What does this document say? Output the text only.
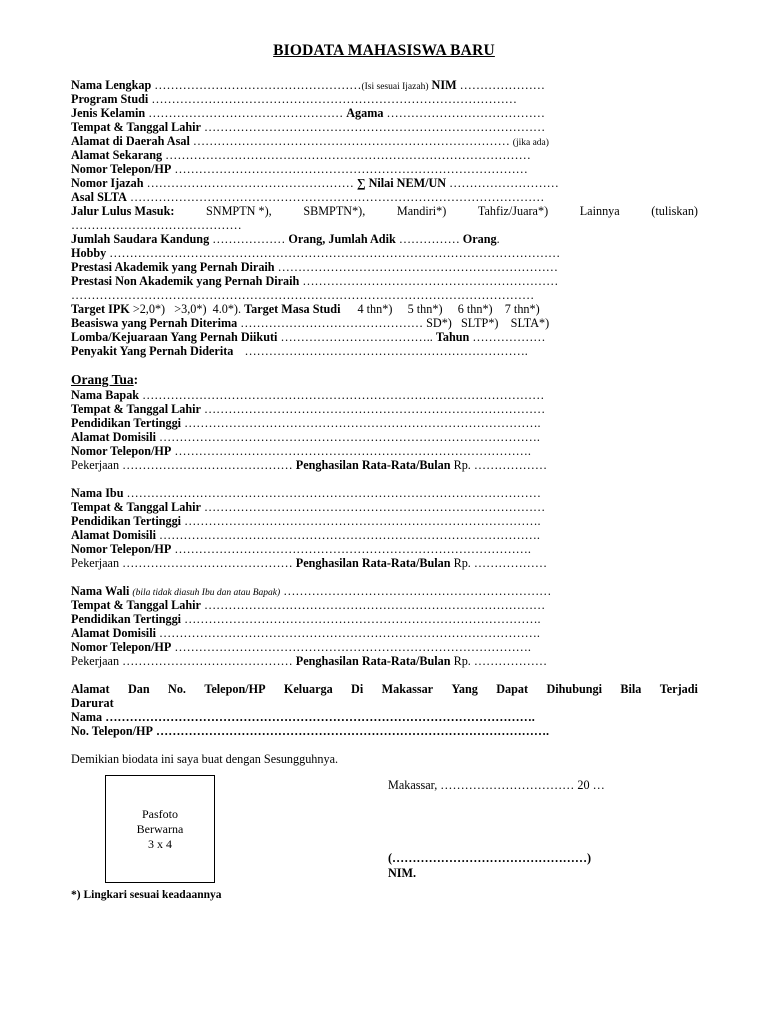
BIODATA MAHASISWA BARU
Nama Lengkap ……………………………………………(Isi sesuai Ijazah) NIM …………………
Program Studi ………………………………………………………………………………
Jenis Kelamin ………………………………………… Agama …………………………………
Tempat & Tanggal Lahir …………………………………………………………………………
Alamat di Daerah Asal …………………………………………………………………… (jika ada)
Alamat Sekarang ………………………………………………………………………………
Nomor Telepon/HP ……………………………………………………………………………
Nomor Ijazah …………………………………………… ∑ Nilai NEM/UN ………………………
Asal SLTA …………………………………………………………………………………………
Jalur Lulus Masuk:	SNMPTN *),	SBMPTN*),	Mandiri*)	Tahfiz/Juara*)	Lainnya	(tuliskan)
……………………………………
Jumlah Saudara Kandung ……………… Orang, Jumlah Adik …………… Orang.
Hobby …………………………………………………………………………………………………
Prestasi Akademik yang Pernah Diraih ……………………………………………………………
Prestasi Non Akademik yang Pernah Diraih ………………………………………………………
……………………………………………………………………………………………………
Target IPK >2,0*)   >3,0*)  4.0*). Target Masa Studi 4 thn*)     5 thn*)     6 thn*)    7 thn*)
Beasiswa yang Pernah Diterima ……………………………………… SD*)   SLTP*)    SLTA*)
Lomba/Kejuaraan Yang Pernah Diikuti ……………………………….. Tahun ………………
Penyakit Yang Pernah Diderita …………………………………………………………….
Orang Tua:
Nama Bapak ………………………………………………………………………………………
Tempat & Tanggal Lahir …………………………………………………………………………
Pendidikan Tertinggi …………………………………………………………………………….
Alamat Domisili ………………………………………………………………………………….
Nomor Telepon/HP …………………………………………………………………………….
Pekerjaan …………………………………… Penghasilan Rata-Rata/Bulan Rp. ………………
Nama Ibu …………………………………………………………………………………………
Tempat & Tanggal Lahir …………………………………………………………………………
Pendidikan Tertinggi …………………………………………………………………………….
Alamat Domisili ………………………………………………………………………………….
Nomor Telepon/HP …………………………………………………………………………….
Pekerjaan …………………………………… Penghasilan Rata-Rata/Bulan Rp. ………………
Nama Wali (bila tidak diasuh Ibu dan atau Bapak) …………………………………………………………
Tempat & Tanggal Lahir …………………………………………………………………………
Pendidikan Tertinggi …………………………………………………………………………….
Alamat Domisili ………………………………………………………………………………….
Nomor Telepon/HP …………………………………………………………………………….
Pekerjaan …………………………………… Penghasilan Rata-Rata/Bulan Rp. ………………
Alamat Dan No. Telepon/HP Keluarga Di Makassar Yang Dapat Dihubungi Bila Terjadi
Darurat
Nama …………………………………………………………………………………………….
No. Telepon/HP …………………………………………………………………………………….
Demikian biodata ini saya buat dengan Sesungguhnya.
Pasfoto
Berwarna
3 x 4
Makassar, …………………………… 20 …
(…………………………………………)
NIM.
*) Lingkari sesuai keadaannya
